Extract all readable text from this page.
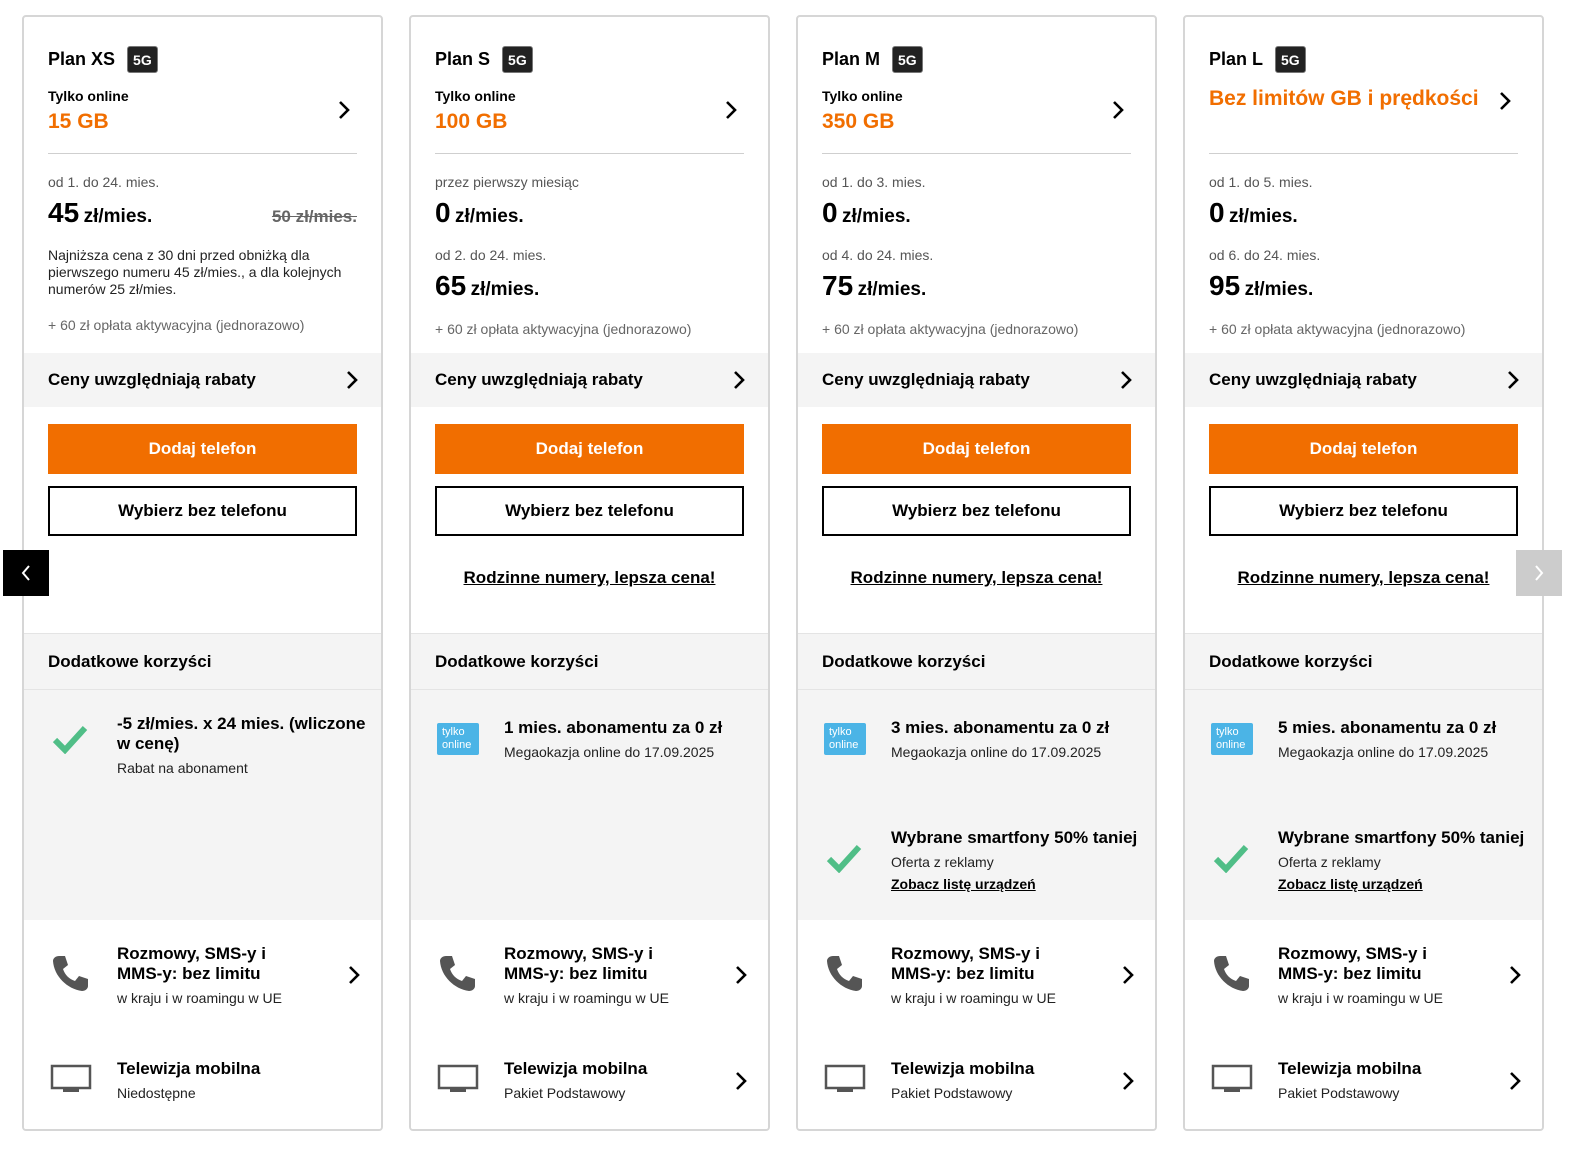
Plan XS	5G
Tylko online
15 GB
od 1. do 24. mies.
45 zł/mies.	50 zł/mies.
Najniższa cena z 30 dni przed obniżką dla pierwszego numeru 45 zł/mies., a dla kolejnych numerów 25 zł/mies.
+ 60 zł opłata aktywacyjna (jednorazowo)
Ceny uwzględniają rabaty
Dodaj telefon
Wybierz bez telefonu
Dodatkowe korzyści
-5 zł/mies. x 24 mies. (wliczone w cenę)
Rabat na abonament
Rozmowy, SMS-y i MMS-y: bez limitu
w kraju i w roamingu w UE
Telewizja mobilna
Niedostępne
Plan S	5G
Tylko online
100 GB
przez pierwszy miesiąc
0 zł/mies.
od 2. do 24. mies.
65 zł/mies.
+ 60 zł opłata aktywacyjna (jednorazowo)
Ceny uwzględniają rabaty
Dodaj telefon
Wybierz bez telefonu
Rodzinne numery, lepsza cena!
Dodatkowe korzyści
tylko online
1 mies. abonamentu za 0 zł
Megaokazja online do 17.09.2025
Rozmowy, SMS-y i MMS-y: bez limitu
w kraju i w roamingu w UE
Telewizja mobilna
Pakiet Podstawowy
Plan M	5G
Tylko online
350 GB
od 1. do 3. mies.
0 zł/mies.
od 4. do 24. mies.
75 zł/mies.
+ 60 zł opłata aktywacyjna (jednorazowo)
Ceny uwzględniają rabaty
Dodaj telefon
Wybierz bez telefonu
Rodzinne numery, lepsza cena!
Dodatkowe korzyści
tylko online
3 mies. abonamentu za 0 zł
Megaokazja online do 17.09.2025
Wybrane smartfony 50% taniej
Oferta z reklamy
Zobacz listę urządzeń
Rozmowy, SMS-y i MMS-y: bez limitu
w kraju i w roamingu w UE
Telewizja mobilna
Pakiet Podstawowy
Plan L	5G
Bez limitów GB i prędkości
od 1. do 5. mies.
0 zł/mies.
od 6. do 24. mies.
95 zł/mies.
+ 60 zł opłata aktywacyjna (jednorazowo)
Ceny uwzględniają rabaty
Dodaj telefon
Wybierz bez telefonu
Rodzinne numery, lepsza cena!
Dodatkowe korzyści
tylko online
5 mies. abonamentu za 0 zł
Megaokazja online do 17.09.2025
Wybrane smartfony 50% taniej
Oferta z reklamy
Zobacz listę urządzeń
Rozmowy, SMS-y i MMS-y: bez limitu
w kraju i w roamingu w UE
Telewizja mobilna
Pakiet Podstawowy
